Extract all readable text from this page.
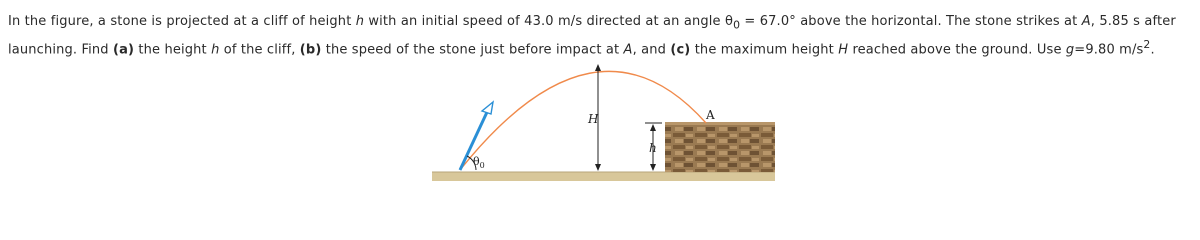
In the figure, a stone is projected at a cliff of height h with an initial speed of 43.0 m/s directed at an angle $\theta_0 = 67.0^\circ$ above the horizontal. The stone strikes at A, 5.85 s after launching. Find (a) the height h of the cliff, (b) the speed of the stone just before impact at A, and (c) the maximum height H reached above the ground. Use g=9.80 $m/s^2$.
$\theta_0$
H
h
A
